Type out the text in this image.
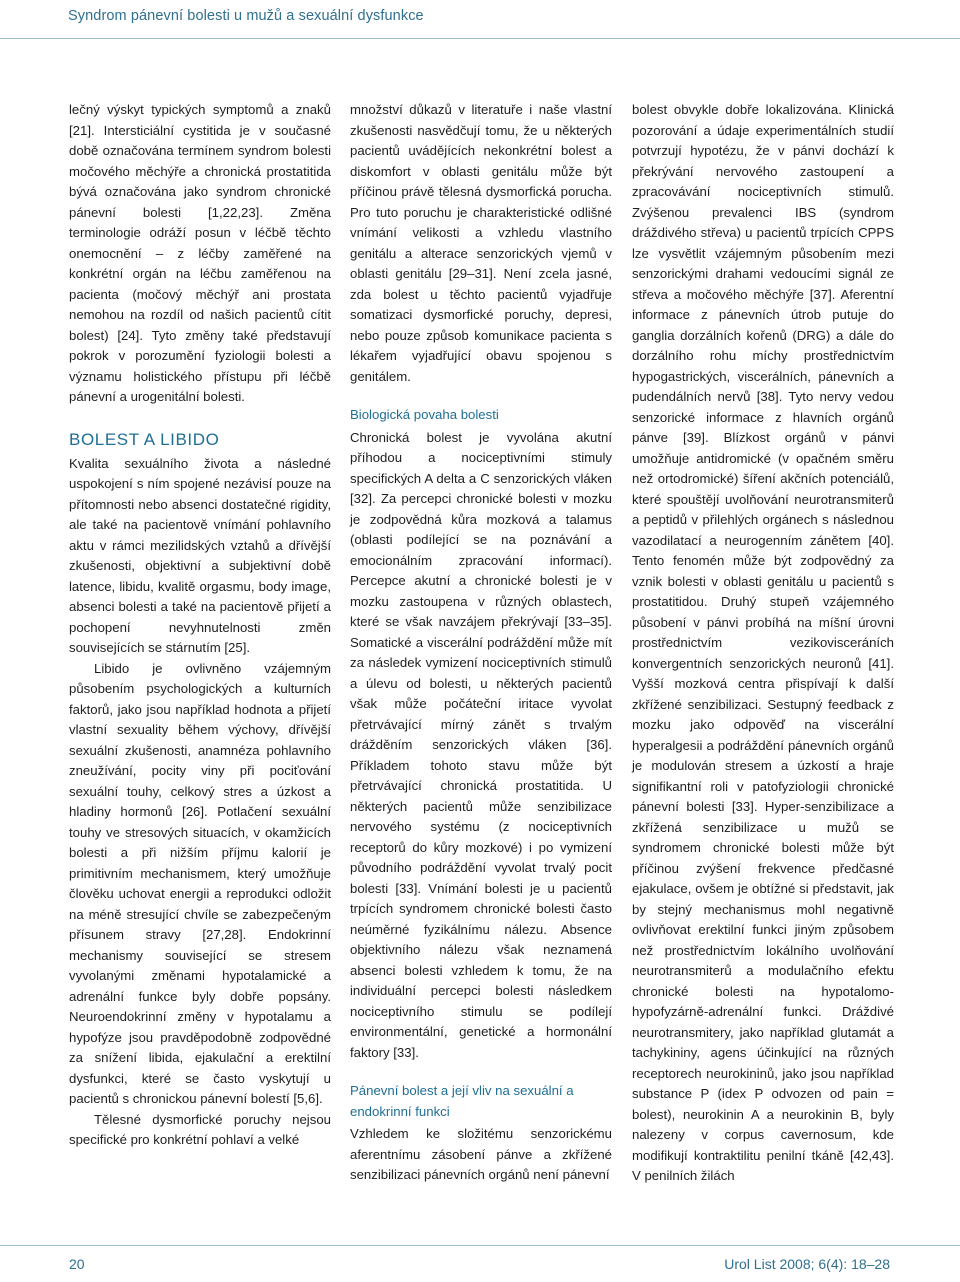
Syndrom pánevní bolesti u mužů a sexuální dysfunkce

lečný výskyt typických symptomů a znaků [21]. Intersticiální cystitida je v současné době označována termínem syndrom bolesti močového měchýře a chronická prostatitida bývá označována jako syndrom chronické pánevní bolesti [1,22,23]. Změna terminologie odráží posun v léčbě těchto onemocnění – z léčby zaměřené na konkrétní orgán na léčbu zaměřenou na pacienta (močový měchýř ani prostata nemohou na rozdíl od našich pacientů cítit bolest) [24]. Tyto změny také představují pokrok v porozumění fyziologii bolesti a významu holistického přístupu při léčbě pánevní a urogenitální bolesti.

BOLEST A LIBIDO

Kvalita sexuálního života a následné uspokojení s ním spojené nezávisí pouze na přítomnosti nebo absenci dostatečné rigidity, ale také na pacientově vnímání pohlavního aktu v rámci mezilidských vztahů a dřívější zkušenosti, objektivní a subjektivní době latence, libidu, kvalitě orgasmu, body image, absenci bolesti a také na pacientově přijetí a pochopení nevyhnutelnosti změn souvisejících se stárnutím [25].

Libido je ovlivněno vzájemným působením psychologických a kulturních faktorů, jako jsou například hodnota a přijetí vlastní sexuality během výchovy, dřívější sexuální zkušenosti, anamnéza pohlavního zneužívání, pocity viny při pociťování sexuální touhy, celkový stres a úzkost a hladiny hormonů [26]. Potlačení sexuální touhy ve stresových situacích, v okamžicích bolesti a při nižším příjmu kalorií je primitivním mechanismem, který umožňuje člověku uchovat energii a reprodukci odložit na méně stresující chvíle se zabezpečeným přísunem stravy [27,28]. Endokrinní mechanismy související se stresem vyvolanými změnami hypotalamické a adrenální funkce byly dobře popsány. Neuroendokrinní změny v hypotalamu a hypofýze jsou pravděpodobně zodpovědné za snížení libida, ejakulační a erektilní dysfunkci, které se často vyskytují u pacientů s chronickou pánevní bolestí [5,6].

Tělesné dysmorfické poruchy nejsou specifické pro konkrétní pohlaví a velké

množství důkazů v literatuře i naše vlastní zkušenosti nasvědčují tomu, že u některých pacientů uvádějících nekonkrétní bolest a diskomfort v oblasti genitálu může být příčinou právě tělesná dysmorfická porucha. Pro tuto poruchu je charakteristické odlišné vnímání velikosti a vzhledu vlastního genitálu a alterace senzorických vjemů v oblasti genitálu [29–31]. Není zcela jasné, zda bolest u těchto pacientů vyjadřuje somatizaci dysmorfické poruchy, depresi, nebo pouze způsob komunikace pacienta s lékařem vyjadřující obavu spojenou s genitálem.

Biologická povaha bolesti

Chronická bolest je vyvolána akutní příhodou a nociceptivními stimuly specifických A delta a C senzorických vláken [32]. Za percepci chronické bolesti v mozku je zodpovědná kůra mozková a talamus (oblasti podílející se na poznávání a emocionálním zpracování informací). Percepce akutní a chronické bolesti je v mozku zastoupena v různých oblastech, které se však navzájem překrývají [33–35]. Somatické a viscerální podráždění může mít za následek vymizení nociceptivních stimulů a úlevu od bolesti, u některých pacientů však může počáteční iritace vyvolat přetrvávající mírný zánět s trvalým drážděním senzorických vláken [36]. Příkladem tohoto stavu může být přetrvávající chronická prostatitida. U některých pacientů může senzibilizace nervového systému (z nociceptivních receptorů do kůry mozkové) i po vymizení původního podráždění vyvolat trvalý pocit bolesti [33]. Vnímání bolesti je u pacientů trpících syndromem chronické bolesti často neúměrné fyzikálnímu nálezu. Absence objektivního nálezu však neznamená absenci bolesti vzhledem k tomu, že na individuální percepci bolesti následkem nociceptivního stimulu se podílejí environmentální, genetické a hormonální faktory [33].

Pánevní bolest a její vliv na sexuální a endokrinní funkci

Vzhledem ke složitému senzorickému aferentnímu zásobení pánve a zkřížené senzibilizaci pánevních orgánů není pánevní

bolest obvykle dobře lokalizována. Klinická pozorování a údaje experimentálních studií potvrzují hypotézu, že v pánvi dochází k překrývání nervového zastoupení a zpracovávání nociceptivních stimulů. Zvýšenou prevalenci IBS (syndrom dráždivého střeva) u pacientů trpících CPPS lze vysvětlit vzájemným působením mezi senzorickými drahami vedoucími signál ze střeva a močového měchýře [37]. Aferentní informace z pánevních útrob putuje do ganglia dorzálních kořenů (DRG) a dále do dorzálního rohu míchy prostřednictvím hypogastrických, viscerálních, pánevních a pudendálních nervů [38]. Tyto nervy vedou senzorické informace z hlavních orgánů pánve [39]. Blízkost orgánů v pánvi umožňuje antidromické (v opačném směru než ortodromické) šíření akčních potenciálů, které spouštějí uvolňování neurotransmiterů a peptidů v přilehlých orgánech s následnou vazodilatací a neurogenním zánětem [40]. Tento fenomén může být zodpovědný za vznik bolesti v oblasti genitálu u pacientů s prostatitidou. Druhý stupeň vzájemného působení v pánvi probíhá na míšní úrovni prostřednictvím vezikovisceráních konvergentních senzorických neuronů [41]. Vyšší mozková centra přispívají k další zkřížené senzibilizaci. Sestupný feedback z mozku jako odpověď na viscerální hyperalgesii a podráždění pánevních orgánů je modulován stresem a úzkostí a hraje signifikantní roli v patofyziologii chronické pánevní bolesti [33]. Hyper-senzibilizace a zkřížená senzibilizace u mužů se syndromem chronické bolesti může být příčinou zvýšení frekvence předčasné ejakulace, ovšem je obtížné si představit, jak by stejný mechanismus mohl negativně ovlivňovat erektilní funkci jiným způsobem než prostřednictvím lokálního uvolňování neurotransmiterů a modulačního efektu chronické bolesti na hypotalomo-hypofyzárně-adrenální funkci. Dráždivé neurotransmitery, jako například glutamát a tachykininy, agens účinkující na různých receptorech neurokininů, jako jsou například substance P (idex P odvozen od pain = bolest), neurokinin A a neurokinin B, byly nalezeny v corpus cavernosum, kde modifikují kontraktilitu penilní tkáně [42,43]. V penilních žilách

20	Urol List 2008; 6(4): 18–28
